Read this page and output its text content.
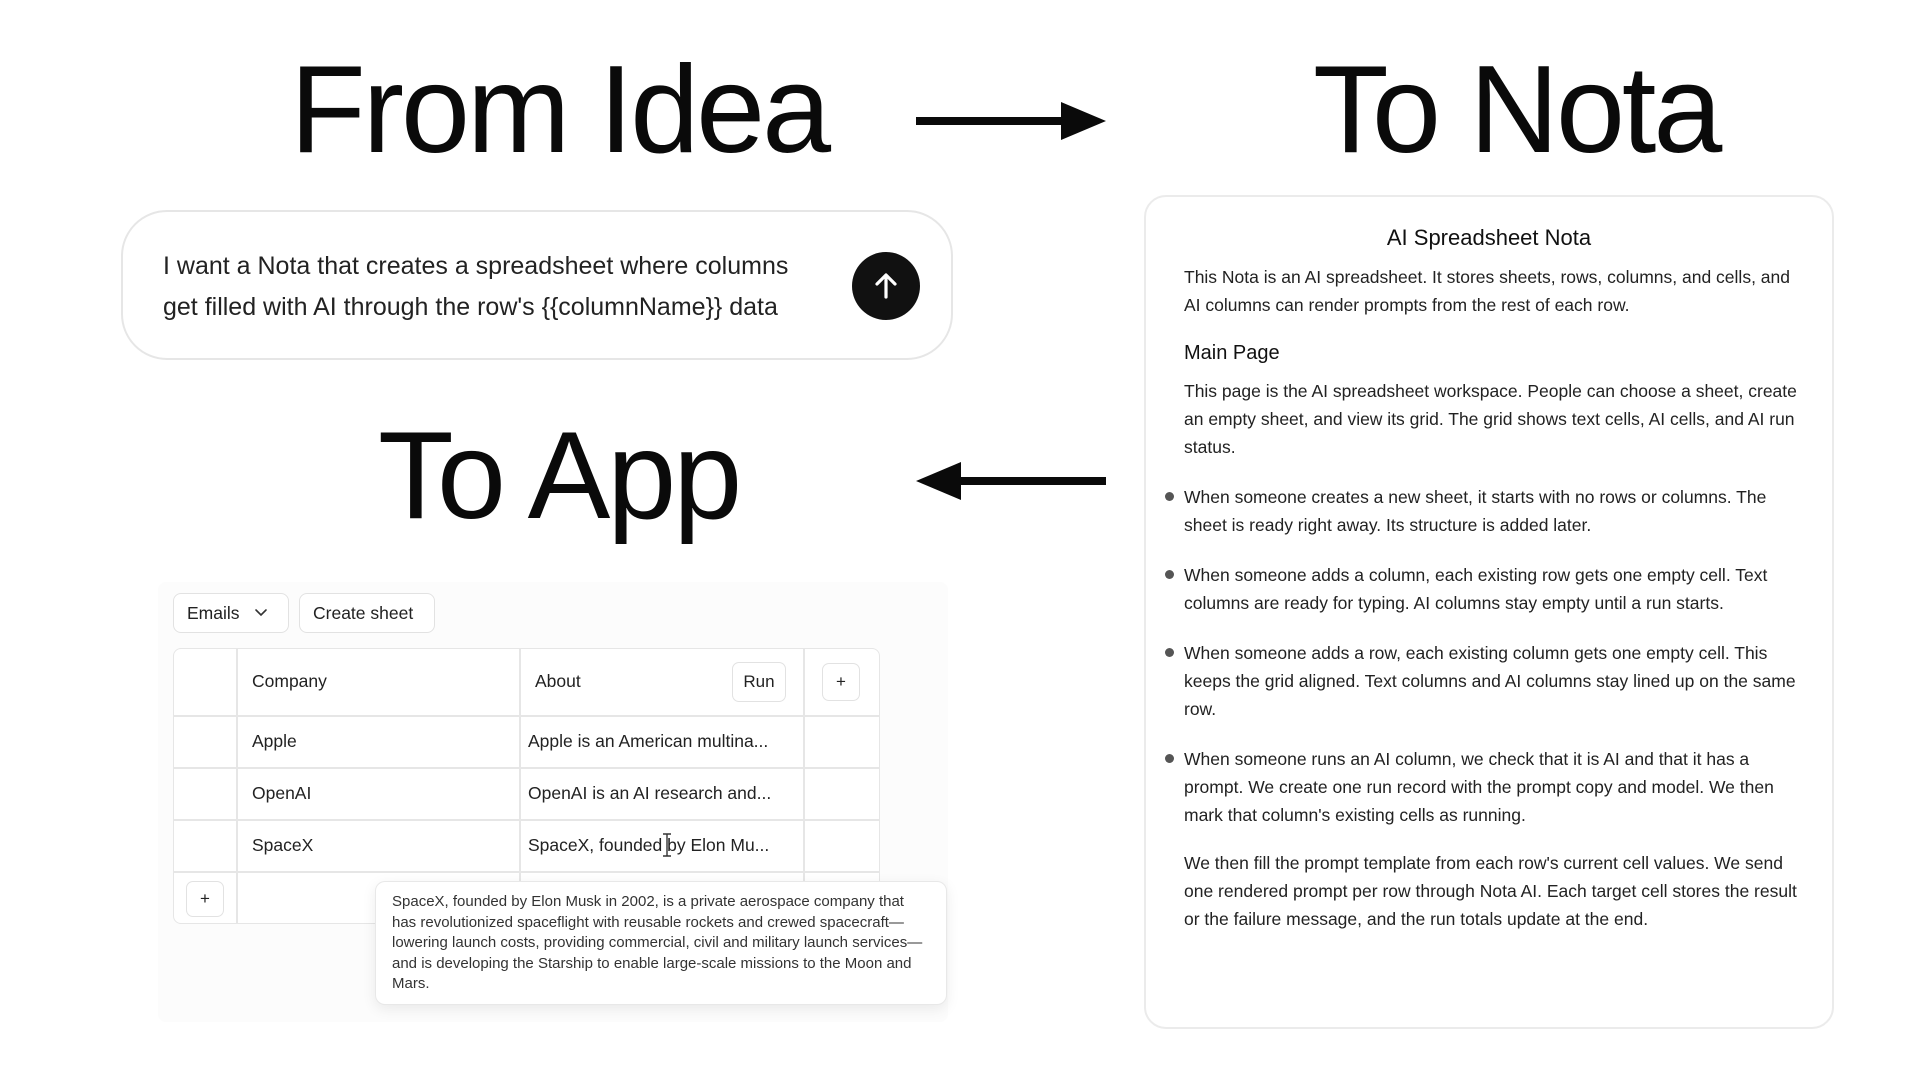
From Idea	To Nota
To App
I want a Nota that creates a spreadsheet where columns
get filled with AI through the row's {{columnName}} data
AI Spreadsheet Nota
This Nota is an AI spreadsheet. It stores sheets, rows, columns, and cells, and AI columns can render prompts from the rest of each row.
Main Page
This page is the AI spreadsheet workspace. People can choose a sheet, create an empty sheet, and view its grid. The grid shows text cells, AI cells, and AI run status.
When someone creates a new sheet, it starts with no rows or columns. The sheet is ready right away. Its structure is added later.
When someone adds a column, each existing row gets one empty cell. Text columns are ready for typing. AI columns stay empty until a run starts.
When someone adds a row, each existing column gets one empty cell. This keeps the grid aligned. Text columns and AI columns stay lined up on the same row.
When someone runs an AI column, we check that it is AI and that it has a prompt. We create one run record with the prompt copy and model. We then mark that column's existing cells as running.
We then fill the prompt template from each row's current cell values. We send one rendered prompt per row through Nota AI. Each target cell stores the result or the failure message, and the run totals update at the end.
Emails	Create sheet
Company	About	Run	+
Apple	Apple is an American multina...
OpenAI	OpenAI is an AI research and...
SpaceX	SpaceX, founded by Elon Mu...
+	SpaceX, founded by Elon Musk in 2002, is a private aerospace company that has revolutionized spaceflight with reusable rockets and crewed spacecraft—lowering launch costs, providing commercial, civil and military launch services—and is developing the Starship to enable large-scale missions to the Moon and Mars.
